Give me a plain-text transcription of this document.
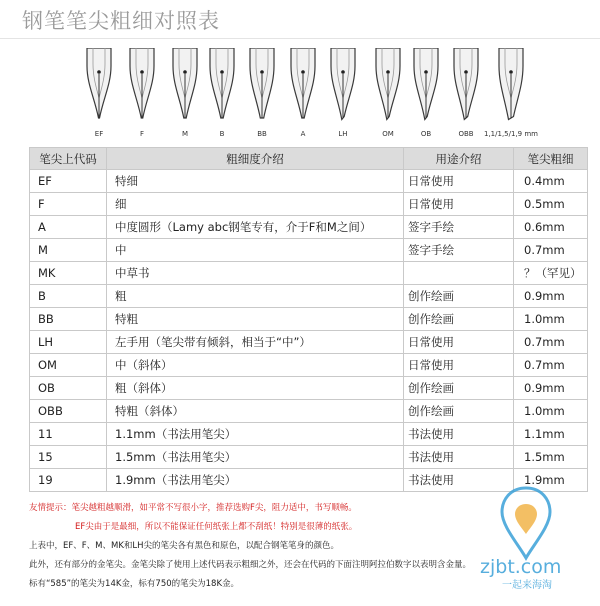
钢笔笔尖粗细对照表
EF	F	M	B	BB	A	LH	OM	OB	OBB	1,1/1,5/1,9 mm
笔尖上代码	粗细度介绍	用途介绍	笔尖粗细
EF	特细	日常使用	0.4mm
F	细	日常使用	0.5mm
A	中度圆形（Lamy abc钢笔专有，介于F和M之间）	签字手绘	0.6mm
M	中	签字手绘	0.7mm
MK	中草书		？（罕见）
B	粗	创作绘画	0.9mm
BB	特粗	创作绘画	1.0mm
LH	左手用（笔尖带有倾斜，相当于“中”）	日常使用	0.7mm
OM	中（斜体）	日常使用	0.7mm
OB	粗（斜体）	创作绘画	0.9mm
OBB	特粗（斜体）	创作绘画	1.0mm
11	1.1mm（书法用笔尖）	书法使用	1.1mm
15	1.5mm（书法用笔尖）	书法使用	1.5mm
19	1.9mm（书法用笔尖）	书法使用	1.9mm
友情提示：笔尖越粗越顺滑，如平常不写很小字，推荐选购F尖，阻力适中，书写顺畅。
EF尖由于是最细，所以不能保证任何纸张上都不刮纸！特别是很薄的纸张。
上表中，EF、F、M、MK和LH尖的笔尖各有黑色和原色，以配合钢笔笔身的颜色。
此外，还有部分的金笔尖。金笔尖除了使用上述代码表示粗细之外，还会在代码的下面注明阿拉伯数字以表明含金量。
标有“585”的笔尖为14K金，标有750的笔尖为18K金。
zjbt.com
一起来海淘
